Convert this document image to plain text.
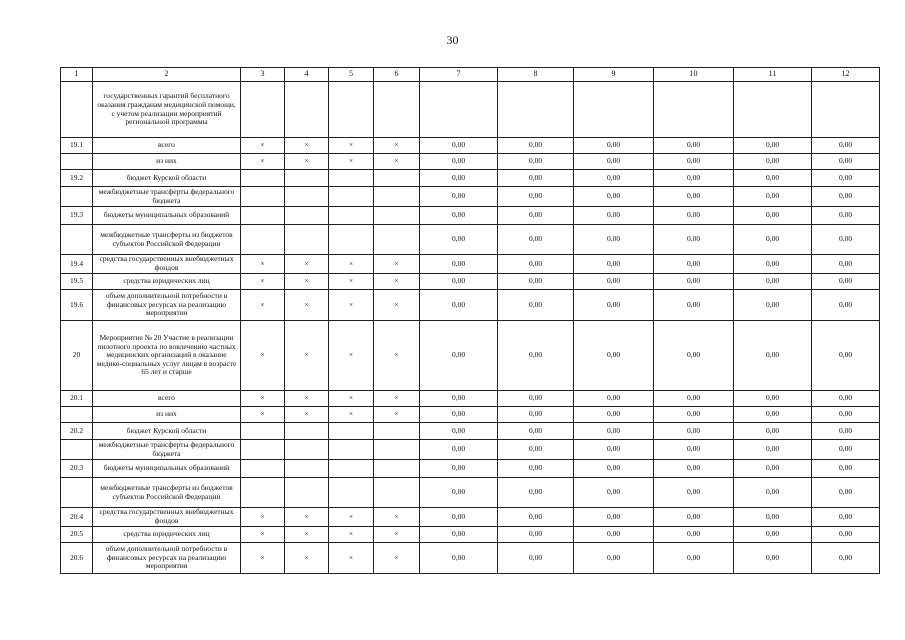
30
1	2	3	4	5	6	7	8	9	10	11	12
	государственных гарантий бесплатного оказания гражданам медицинской помощи, с учетом реализации мероприятий региональной программы										
19.1	всего	×	×	×	×	0,00	0,00	0,00	0,00	0,00	0,00
	из них	×	×	×	×	0,00	0,00	0,00	0,00	0,00	0,00
19.2	бюджет Курской области					0,00	0,00	0,00	0,00	0,00	0,00
	межбюджетные трансферты федерального бюджета					0,00	0,00	0,00	0,00	0,00	0,00
19.3	бюджеты муниципальных образований					0,00	0,00	0,00	0,00	0,00	0,00
	межбюджетные трансферты из бюджетов субъектов Российской Федерации					0,00	0,00	0,00	0,00	0,00	0,00
19.4	средства государственных внебюджетных фондов	×	×	×	×	0,00	0,00	0,00	0,00	0,00	0,00
19.5	средства юридических лиц	×	×	×	×	0,00	0,00	0,00	0,00	0,00	0,00
19.6	объем дополнительной потребности в финансовых ресурсах на реализацию мероприятия	×	×	×	×	0,00	0,00	0,00	0,00	0,00	0,00
20	Мероприятие № 20 Участие в реализации пилотного проекта по вовлечению частных медицинских организаций в оказание медико-социальных услуг лицам в возрасте 65 лет и старше	×	×	×	×	0,00	0,00	0,00	0,00	0,00	0,00
20.1	всего	×	×	×	×	0,00	0,00	0,00	0,00	0,00	0,00
	из них	×	×	×	×	0,00	0,00	0,00	0,00	0,00	0,00
20.2	бюджет Курской области					0,00	0,00	0,00	0,00	0,00	0,00
	межбюджетные трансферты федерального бюджета					0,00	0,00	0,00	0,00	0,00	0,00
20.3	бюджеты муниципальных образований					0,00	0,00	0,00	0,00	0,00	0,00
	межбюджетные трансферты из бюджетов субъектов Российской Федерации					0,00	0,00	0,00	0,00	0,00	0,00
20.4	средства государственных внебюджетных фондов	×	×	×	×	0,00	0,00	0,00	0,00	0,00	0,00
20.5	средства юридических лиц	×	×	×	×	0,00	0,00	0,00	0,00	0,00	0,00
20.6	объем дополнительной потребности в финансовых ресурсах на реализацию мероприятия	×	×	×	×	0,00	0,00	0,00	0,00	0,00	0,00
